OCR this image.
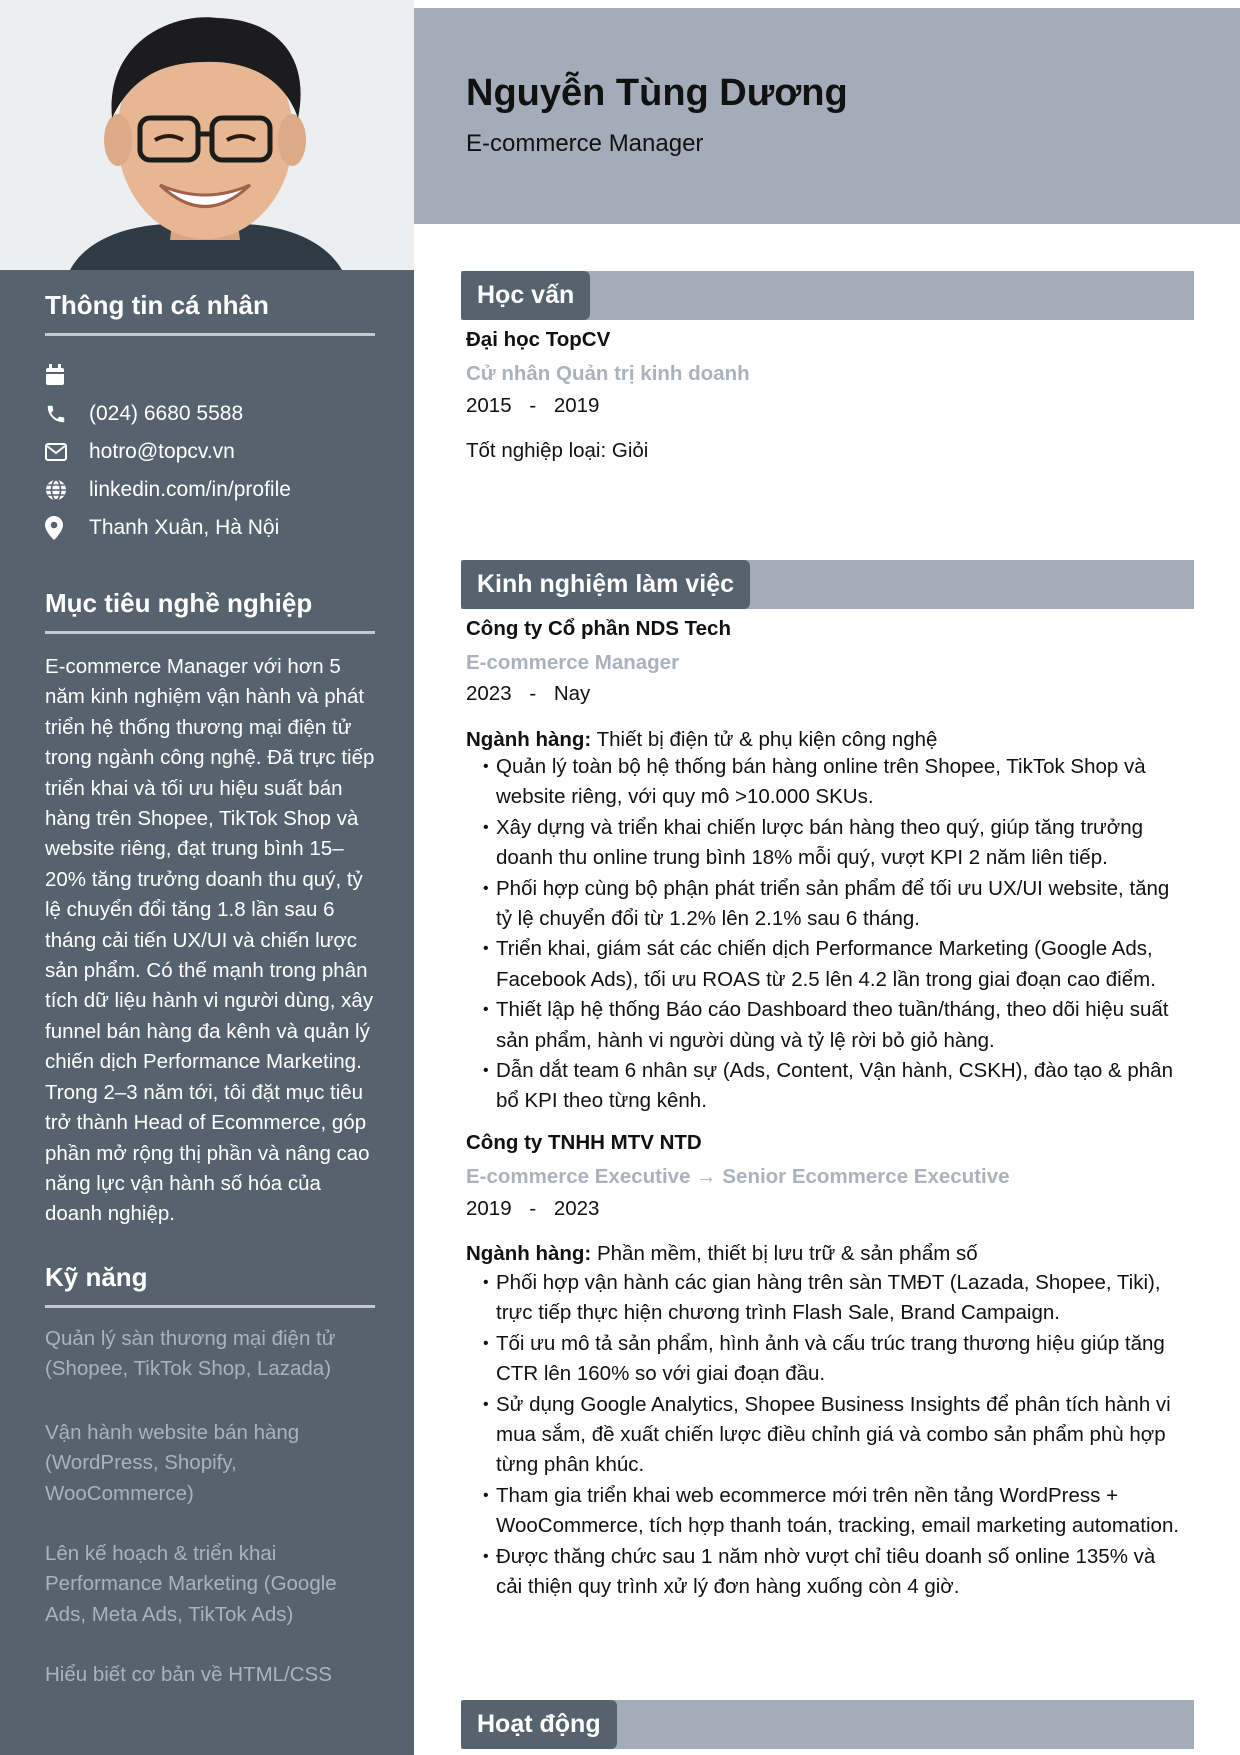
Thông tin cá nhân
(024) 6680 5588
hotro@topcv.vn
linkedin.com/in/profile
Thanh Xuân, Hà Nội
Mục tiêu nghề nghiệp

E-commerce Manager với hơn 5 năm kinh nghiệm vận hành và phát triển hệ thống thương mại điện tử trong ngành công nghệ. Đã trực tiếp triển khai và tối ưu hiệu suất bán hàng trên Shopee, TikTok Shop và website riêng, đạt trung bình 15–20% tăng trưởng doanh thu quý, tỷ lệ chuyển đổi tăng 1.8 lần sau 6 tháng cải tiến UX/UI và chiến lược sản phẩm. Có thế mạnh trong phân tích dữ liệu hành vi người dùng, xây funnel bán hàng đa kênh và quản lý chiến dịch Performance Marketing. Trong 2–3 năm tới, tôi đặt mục tiêu trở thành Head of Ecommerce, góp phần mở rộng thị phần và nâng cao năng lực vận hành số hóa của doanh nghiệp.

Kỹ năng

Quản lý sàn thương mại điện tử (Shopee, TikTok Shop, Lazada)

Vận hành website bán hàng (WordPress, Shopify, WooCommerce)

Lên kế hoạch & triển khai Performance Marketing (Google Ads, Meta Ads, TikTok Ads)

Hiểu biết cơ bản về HTML/CSS

Nguyễn Tùng Dương
E-commerce Manager
Học vấn
Đại học TopCV
Cử nhân Quản trị kinh doanh
2015 - 2019
Tốt nghiệp loại: Giỏi
Kinh nghiệm làm việc
Công ty Cổ phần NDS Tech
E-commerce Manager
2023 - Nay
Ngành hàng: Thiết bị điện tử & phụ kiện công nghệ
• Quản lý toàn bộ hệ thống bán hàng online trên Shopee, TikTok Shop và website riêng, với quy mô >10.000 SKUs.
• Xây dựng và triển khai chiến lược bán hàng theo quý, giúp tăng trưởng doanh thu online trung bình 18% mỗi quý, vượt KPI 2 năm liên tiếp.
• Phối hợp cùng bộ phận phát triển sản phẩm để tối ưu UX/UI website, tăng tỷ lệ chuyển đổi từ 1.2% lên 2.1% sau 6 tháng.
• Triển khai, giám sát các chiến dịch Performance Marketing (Google Ads, Facebook Ads), tối ưu ROAS từ 2.5 lên 4.2 lần trong giai đoạn cao điểm.
• Thiết lập hệ thống Báo cáo Dashboard theo tuần/tháng, theo dõi hiệu suất sản phẩm, hành vi người dùng và tỷ lệ rời bỏ giỏ hàng.
• Dẫn dắt team 6 nhân sự (Ads, Content, Vận hành, CSKH), đào tạo & phân bổ KPI theo từng kênh.
Công ty TNHH MTV NTD
E-commerce Executive → Senior Ecommerce Executive
2019 - 2023
Ngành hàng: Phần mềm, thiết bị lưu trữ & sản phẩm số
• Phối hợp vận hành các gian hàng trên sàn TMĐT (Lazada, Shopee, Tiki), trực tiếp thực hiện chương trình Flash Sale, Brand Campaign.
• Tối ưu mô tả sản phẩm, hình ảnh và cấu trúc trang thương hiệu giúp tăng CTR lên 160% so với giai đoạn đầu.
• Sử dụng Google Analytics, Shopee Business Insights để phân tích hành vi mua sắm, đề xuất chiến lược điều chỉnh giá và combo sản phẩm phù hợp từng phân khúc.
• Tham gia triển khai web ecommerce mới trên nền tảng WordPress + WooCommerce, tích hợp thanh toán, tracking, email marketing automation.
• Được thăng chức sau 1 năm nhờ vượt chỉ tiêu doanh số online 135% và cải thiện quy trình xử lý đơn hàng xuống còn 4 giờ.
Hoạt động
